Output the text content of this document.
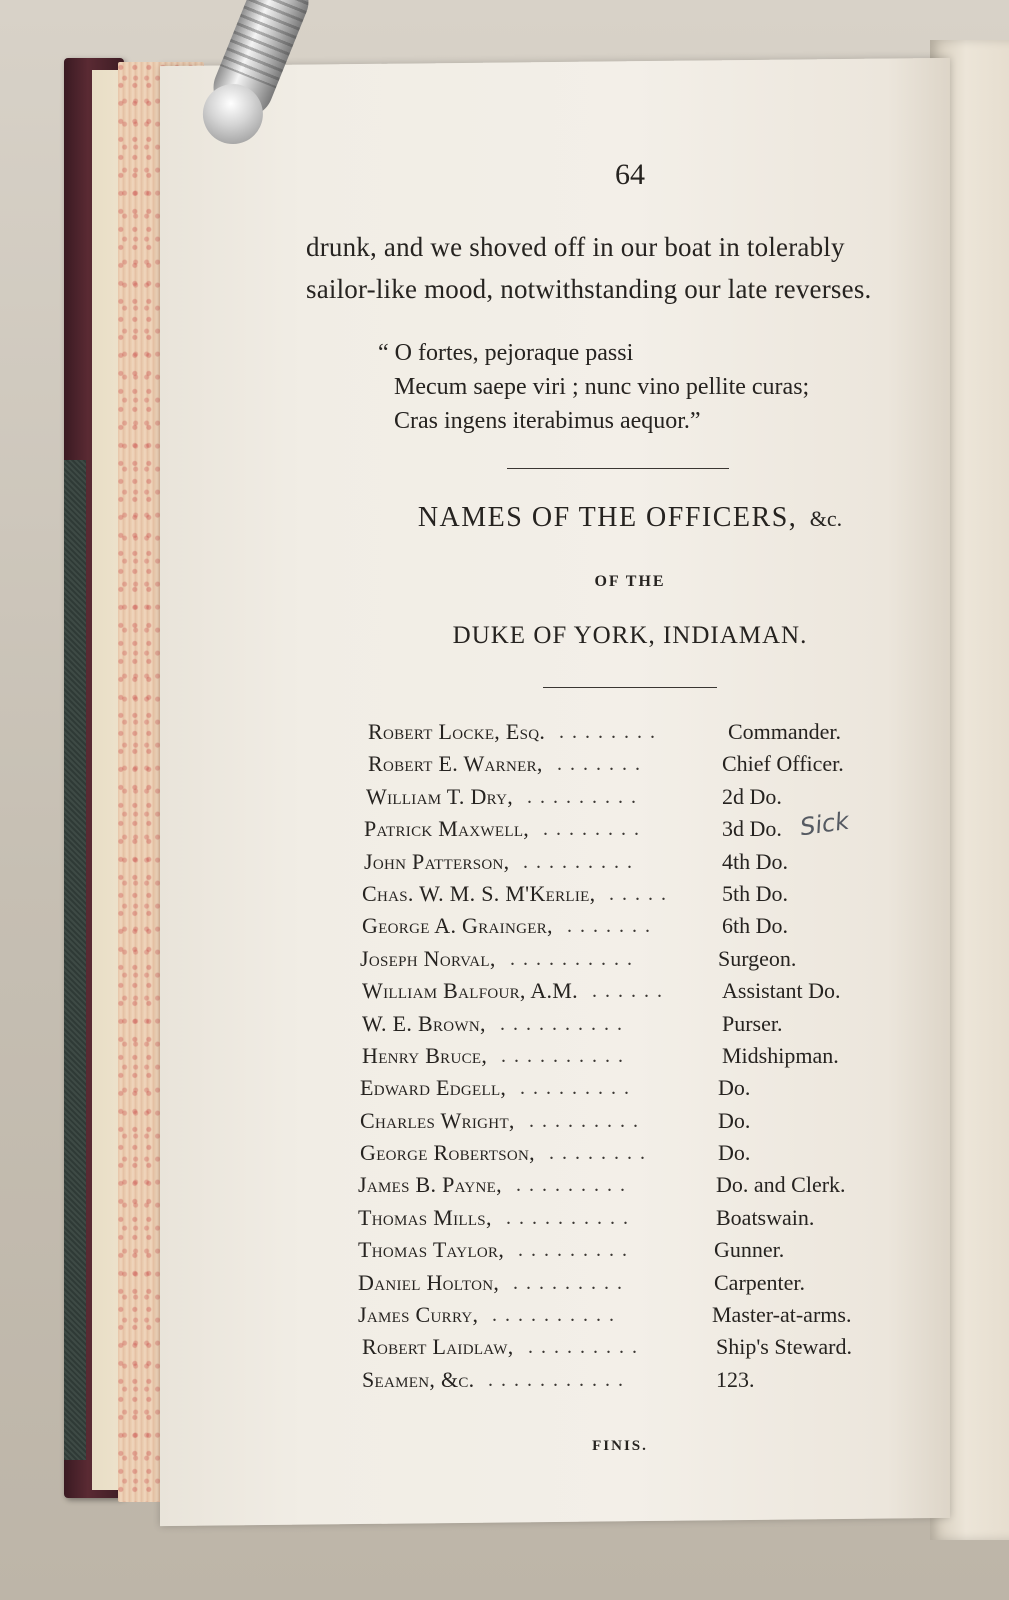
64
drunk, and we shoved off in our boat in tolerably
sailor-like mood, notwithstanding our late reverses.
“ O fortes, pejoraque passi
Mecum saepe viri ; nunc vino pellite curas;
Cras ingens iterabimus aequor.”
NAMES OF THE OFFICERS, &c.
OF THE
DUKE OF YORK, INDIAMAN.
Robert Locke, Esq. ........	Commander.
Robert E. Warner, .......	Chief Officer.
William T. Dry, .........	2d Do.
Patrick Maxwell, ........	3d Do.
John Patterson, .........	4th Do.
Chas. W. M. S. M'Kerlie, ..... 5th Do.
George A. Grainger, .......	6th Do.
Joseph Norval, ..........	Surgeon.
William Balfour, A.M. ...... Assistant Do.
W. E. Brown, ..........	Purser.
Henry Bruce, ..........	Midshipman.
Edward Edgell, .........	Do.
Charles Wright, .........	Do.
George Robertson, ........	Do.
James B. Payne, .........	Do. and Clerk.
Thomas Mills, ..........	Boatswain.
Thomas Taylor, .........	Gunner.
Daniel Holton, .........	Carpenter.
James Curry, ..........	Master-at-arms.
Robert Laidlaw, .........	Ship's Steward.
Seamen, &c. ...........	123.
Sick
FINIS.
